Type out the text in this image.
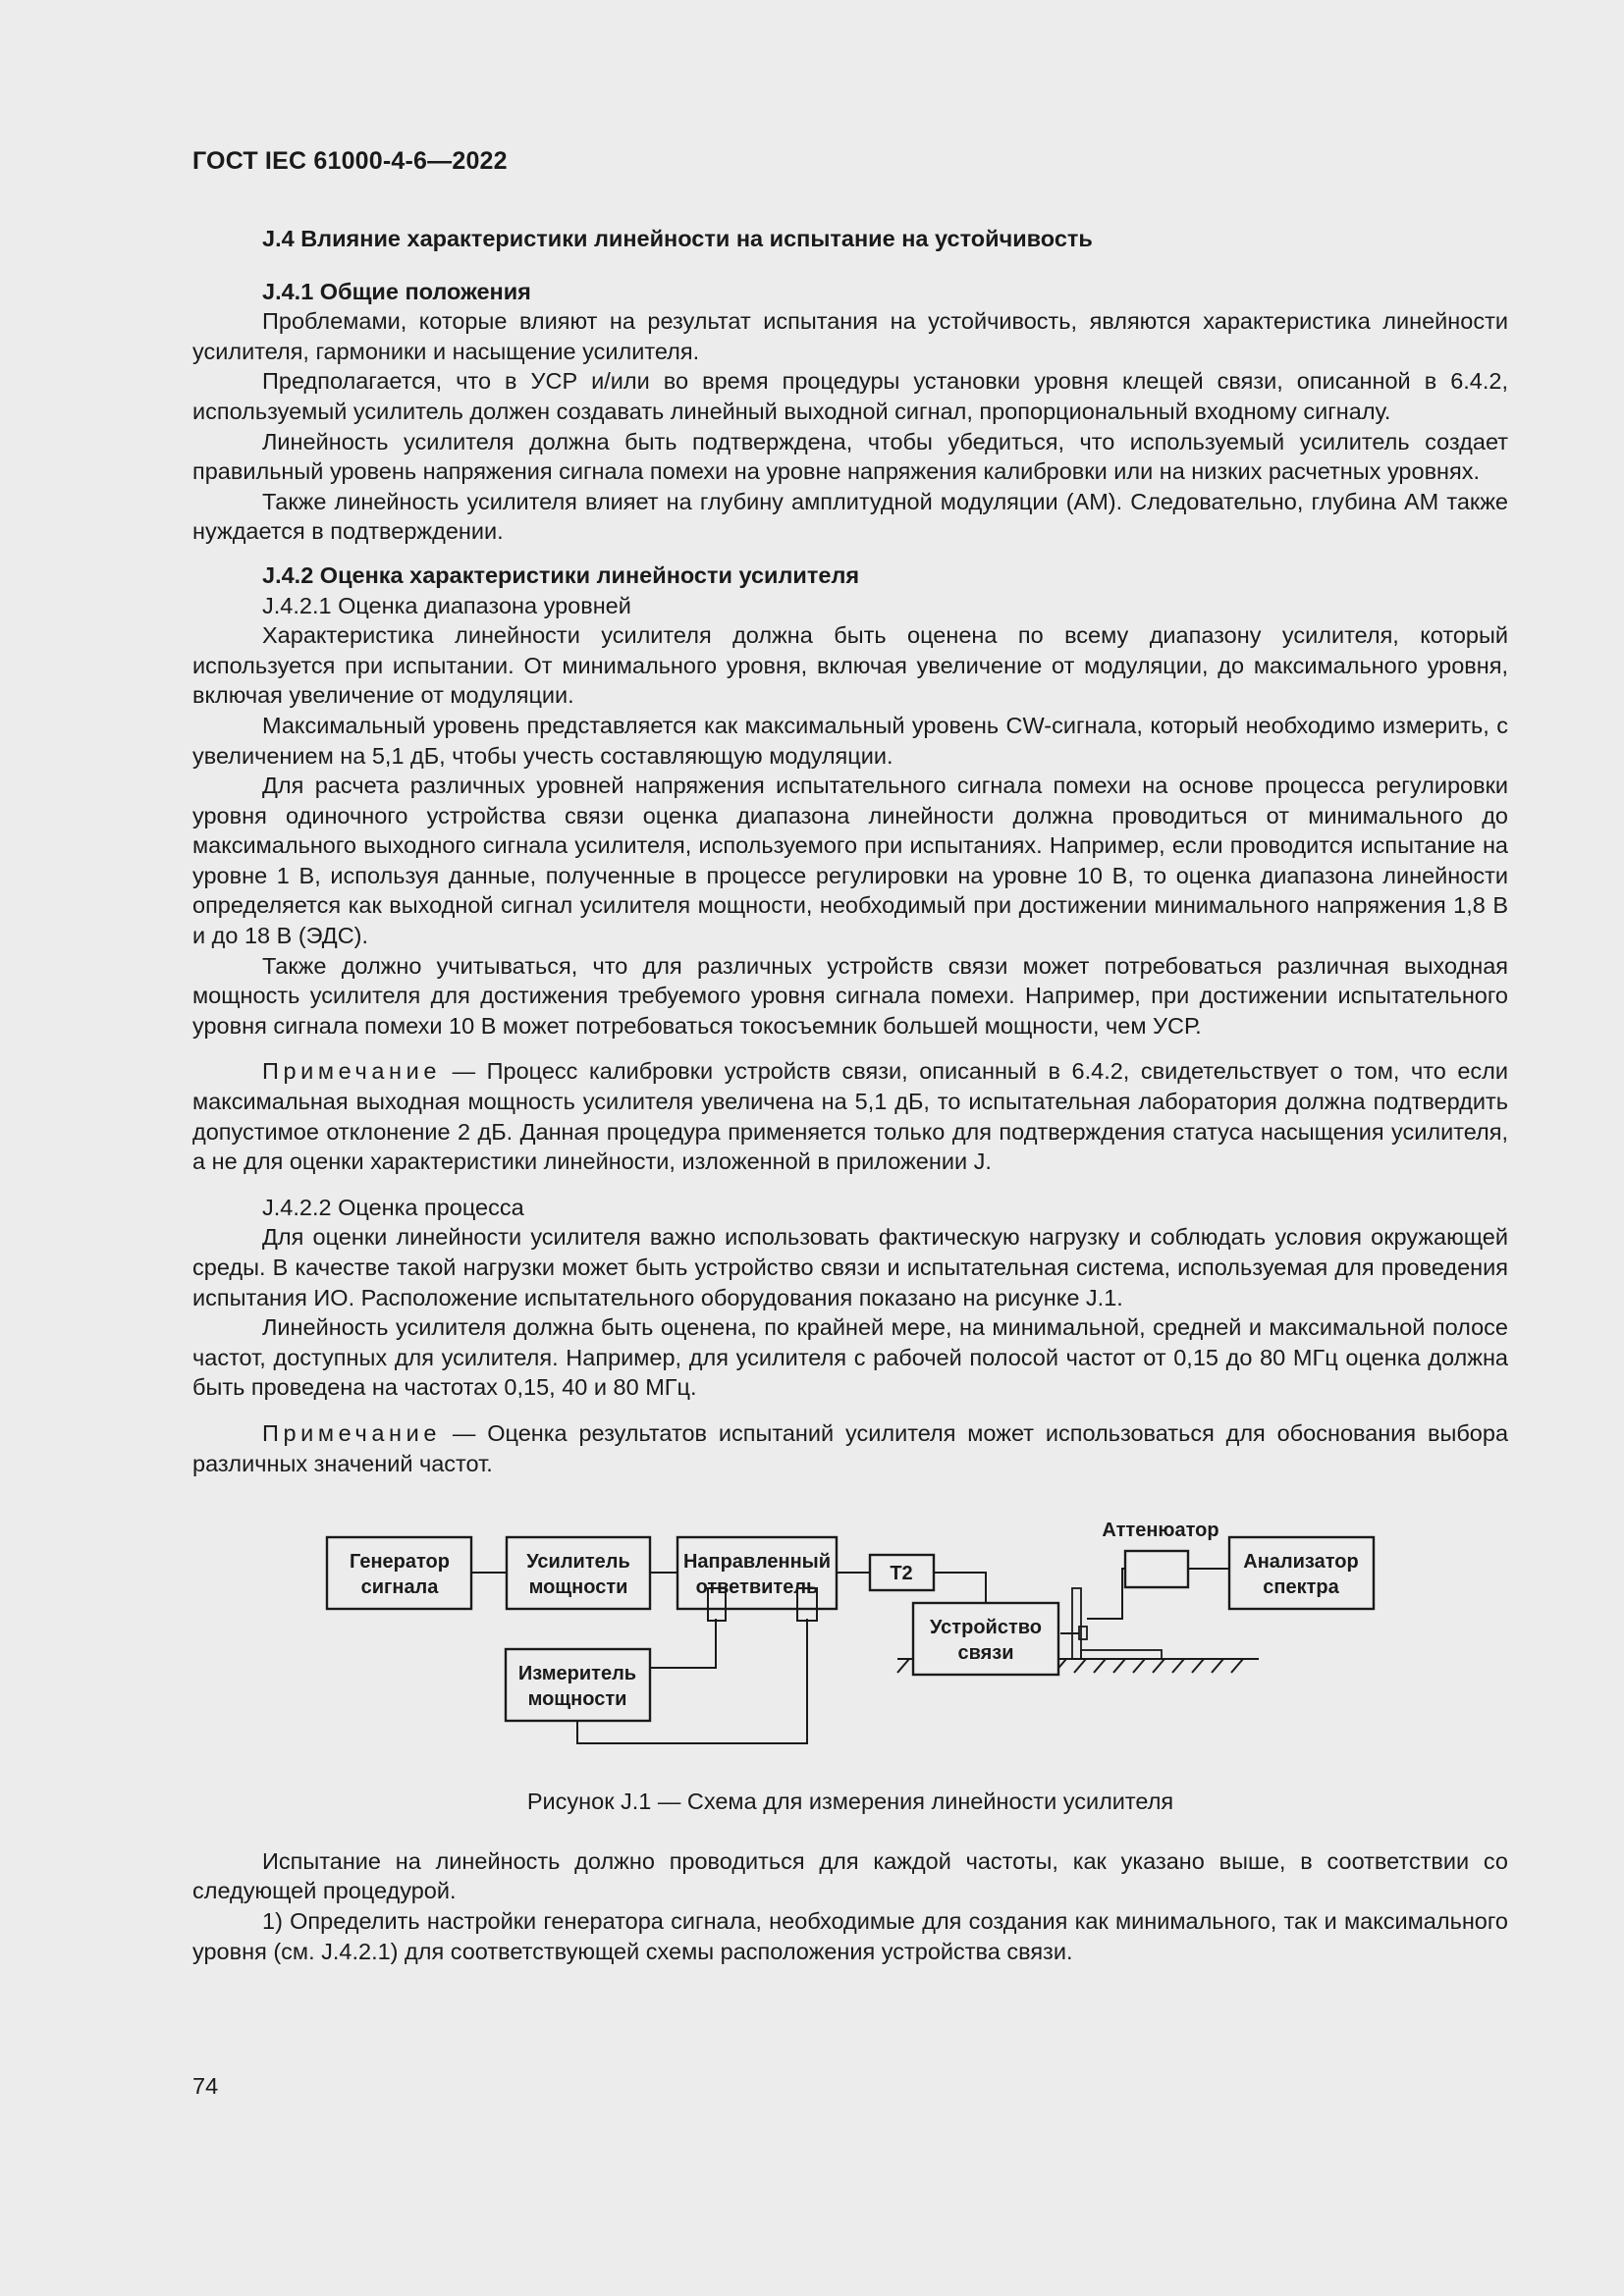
ГОСТ IEC 61000-4-6—2022

J.4 Влияние характеристики линейности на испытание на устойчивость

J.4.1 Общие положения

Проблемами, которые влияют на результат испытания на устойчивость, являются характеристика линейности усилителя, гармоники и насыщение усилителя.

Предполагается, что в УСР и/или во время процедуры установки уровня клещей связи, описанной в 6.4.2, используемый усилитель должен создавать линейный выходной сигнал, пропорциональный входному сигналу.

Линейность усилителя должна быть подтверждена, чтобы убедиться, что используемый усилитель создает правильный уровень напряжения сигнала помехи на уровне напряжения калибровки или на низких расчетных уровнях.

Также линейность усилителя влияет на глубину амплитудной модуляции (АМ). Следовательно, глубина АМ также нуждается в подтверждении.

J.4.2 Оценка характеристики линейности усилителя

J.4.2.1 Оценка диапазона уровней

Характеристика линейности усилителя должна быть оценена по всему диапазону усилителя, который используется при испытании. От минимального уровня, включая увеличение от модуляции, до максимального уровня, включая увеличение от модуляции.

Максимальный уровень представляется как максимальный уровень CW-сигнала, который необходимо измерить, с увеличением на 5,1 дБ, чтобы учесть составляющую модуляции.

Для расчета различных уровней напряжения испытательного сигнала помехи на основе процесса регулировки уровня одиночного устройства связи оценка диапазона линейности должна проводиться от минимального до максимального выходного сигнала усилителя, используемого при испытаниях. Например, если проводится испытание на уровне 1 В, используя данные, полученные в процессе регулировки на уровне 10 В, то оценка диапазона линейности определяется как выходной сигнал усилителя мощности, необходимый при достижении минимального напряжения 1,8 В и до 18 В (ЭДС).

Также должно учитываться, что для различных устройств связи может потребоваться различная выходная мощность усилителя для достижения требуемого уровня сигнала помехи. Например, при достижении испытательного уровня сигнала помехи 10 В может потребоваться токосъемник большей мощности, чем УСР.

Примечание — Процесс калибровки устройств связи, описанный в 6.4.2, свидетельствует о том, что если максимальная выходная мощность усилителя увеличена на 5,1 дБ, то испытательная лаборатория должна подтвердить допустимое отклонение 2 дБ. Данная процедура применяется только для подтверждения статуса насыщения усилителя, а не для оценки характеристики линейности, изложенной в приложении J.

J.4.2.2 Оценка процесса

Для оценки линейности усилителя важно использовать фактическую нагрузку и соблюдать условия окружающей среды. В качестве такой нагрузки может быть устройство связи и испытательная система, используемая для проведения испытания ИО. Расположение испытательного оборудования показано на рисунке J.1.

Линейность усилителя должна быть оценена, по крайней мере, на минимальной, средней и максимальной полосе частот, доступных для усилителя. Например, для усилителя с рабочей полосой частот от 0,15 до 80 МГц оценка должна быть проведена на частотах 0,15, 40 и 80 МГц.

Примечание — Оценка результатов испытаний усилителя может использоваться для обоснования выбора различных значений частот.

Генератор
сигнала
Усилитель
мощности
Направленный
ответвитель
T2
Аттенюатор
Анализатор
спектра
Устройство
связи
Измеритель
мощности

Рисунок J.1 — Схема для измерения линейности усилителя

Испытание на линейность должно проводиться для каждой частоты, как указано выше, в соответствии со следующей процедурой.

1) Определить настройки генератора сигнала, необходимые для создания как минимального, так и максимального уровня (см. J.4.2.1) для соответствующей схемы расположения устройства связи.

74
